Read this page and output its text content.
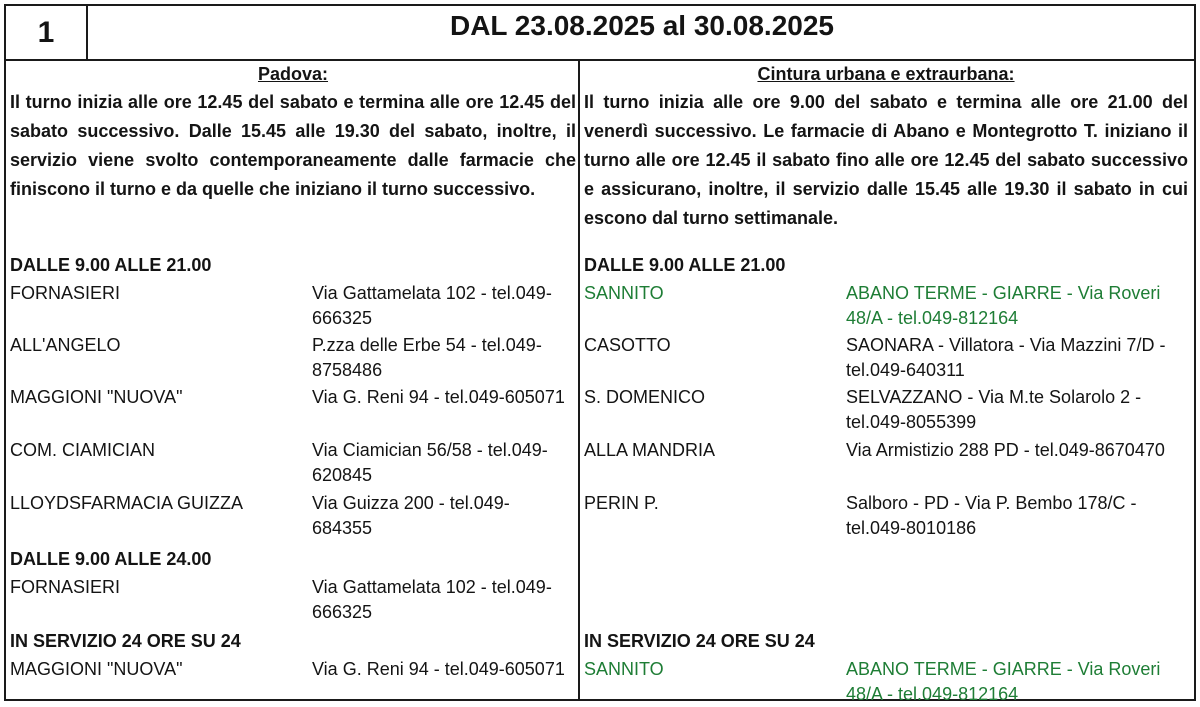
1	DAL 23.08.2025 al 30.08.2025
Padova:
Il turno inizia alle ore 12.45 del sabato e termina alle ore 12.45 del sabato successivo. Dalle 15.45 alle 19.30 del sabato, inoltre, il servizio viene svolto contemporaneamente dalle farmacie che finiscono il turno e da quelle che iniziano il turno successivo.
DALLE 9.00 ALLE 21.00
FORNASIERI	Via Gattamelata 102 - tel.049-666325
ALL'ANGELO	P.zza delle Erbe 54 - tel.049-8758486
MAGGIONI "NUOVA"	Via G. Reni 94 - tel.049-605071
COM. CIAMICIAN	Via Ciamician 56/58 - tel.049-620845
LLOYDSFARMACIA GUIZZA	Via Guizza 200 - tel.049-684355
DALLE 9.00 ALLE 24.00
FORNASIERI	Via Gattamelata 102 - tel.049-666325
IN SERVIZIO 24 ORE SU 24
MAGGIONI "NUOVA"	Via G. Reni 94 - tel.049-605071
Cintura urbana e extraurbana:
Il turno inizia alle ore 9.00 del sabato e termina alle ore 21.00 del venerdì successivo. Le farmacie di Abano e Montegrotto T. iniziano il turno alle ore 12.45 il sabato fino alle ore 12.45 del sabato successivo e assicurano, inoltre, il servizio dalle 15.45 alle 19.30 il sabato in cui escono dal turno settimanale.
DALLE 9.00 ALLE 21.00
SANNITO	ABANO TERME - GIARRE - Via Roveri 48/A - tel.049-812164
CASOTTO	SAONARA - Villatora - Via Mazzini 7/D - tel.049-640311
S. DOMENICO	SELVAZZANO - Via M.te Solarolo 2 - tel.049-8055399
ALLA MANDRIA	Via Armistizio 288 PD - tel.049-8670470
PERIN P.	Salboro - PD - Via P. Bembo 178/C - tel.049-8010186
IN SERVIZIO 24 ORE SU 24
SANNITO	ABANO TERME - GIARRE - Via Roveri 48/A - tel.049-812164
